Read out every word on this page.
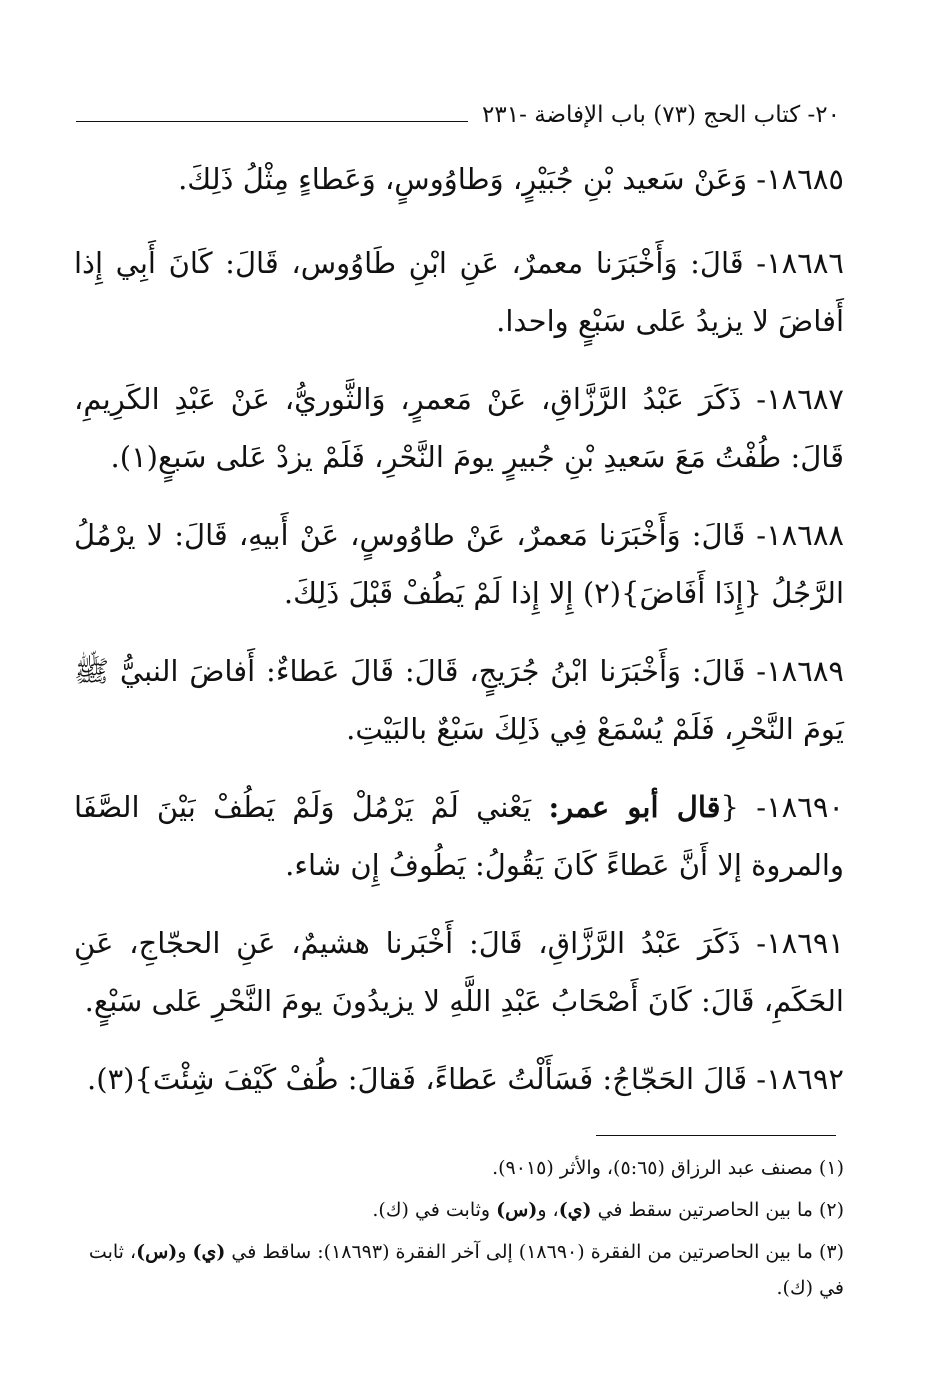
٢٠- كتاب الحج (٧٣) باب الإفاضة -٢٣١

١٨٦٨٥- وَعَنْ سَعيد بْنِ جُبَيْرٍ، وَطاوُوسٍ، وَعَطاءٍ مِثْلُ ذَلِكَ.

١٨٦٨٦- قَالَ: وَأَخْبَرَنا معمرٌ، عَنِ ابْنِ طَاوُوس، قَالَ: كَانَ أَبِي إِذا أَفاضَ لا يزيدُ عَلى سَبْعٍ واحدا.

١٨٦٨٧- ذَكَرَ عَبْدُ الرَّزَّاقِ، عَنْ مَعمرٍ، وَالثَّوريُّ، عَنْ عَبْدِ الكَرِيمِ، قَالَ: طُفْتُ مَعَ سَعيدِ بْنِ جُبيرٍ يومَ النَّحْرِ، فَلَمْ يزدْ عَلى سَبعٍ(١).

١٨٦٨٨- قَالَ: وَأَخْبَرَنا مَعمرٌ، عَنْ طاوُوسٍ، عَنْ أَبيهِ، قَالَ: لا يرْمُلُ الرَّجُلُ {إِذَا أَفَاضَ}(٢) إِلا إِذا لَمْ يَطُفْ قَبْلَ ذَلِكَ.

١٨٦٨٩- قَالَ: وَأَخْبَرَنا ابْنُ جُرَيجٍ، قَالَ: قَالَ عَطاءٌ: أَفاضَ النبيُّ ﷺ يَومَ النَّحْرِ، فَلَمْ يُسْمَعْ فِي ذَلِكَ سَبْعٌ بالبَيْتِ.

١٨٦٩٠- {قال أبو عمر: يَعْني لَمْ يَرْمُلْ وَلَمْ يَطُفْ بَيْنَ الصَّفَا والمروة إلا أَنَّ عَطاءً كَانَ يَقُولُ: يَطُوفُ إِن شاء.

١٨٦٩١- ذَكَرَ عَبْدُ الرَّزَّاقِ، قَالَ: أَخْبَرنا هشيمٌ، عَنِ الحجّاجِ، عَنِ الحَكَمِ، قَالَ: كَانَ أَصْحَابُ عَبْدِ اللَّهِ لا يزيدُونَ يومَ النَّحْرِ عَلى سَبْعٍ.

١٨٦٩٢- قَالَ الحَجّاجُ: فَسَأَلْتُ عَطاءً، فَقالَ: طُفْ كَيْفَ شِئْتَ}(٣).

(١) مصنف عبد الرزاق (٥:٦٥)، والأثر (٩٠١٥).

(٢) ما بين الحاصرتين سقط في (ي)، و(س) وثابت في (ك).

(٣) ما بين الحاصرتين من الفقرة (١٨٦٩٠) إلى آخر الفقرة (١٨٦٩٣): ساقط في (ي) و(س)، ثابت في (ك).
